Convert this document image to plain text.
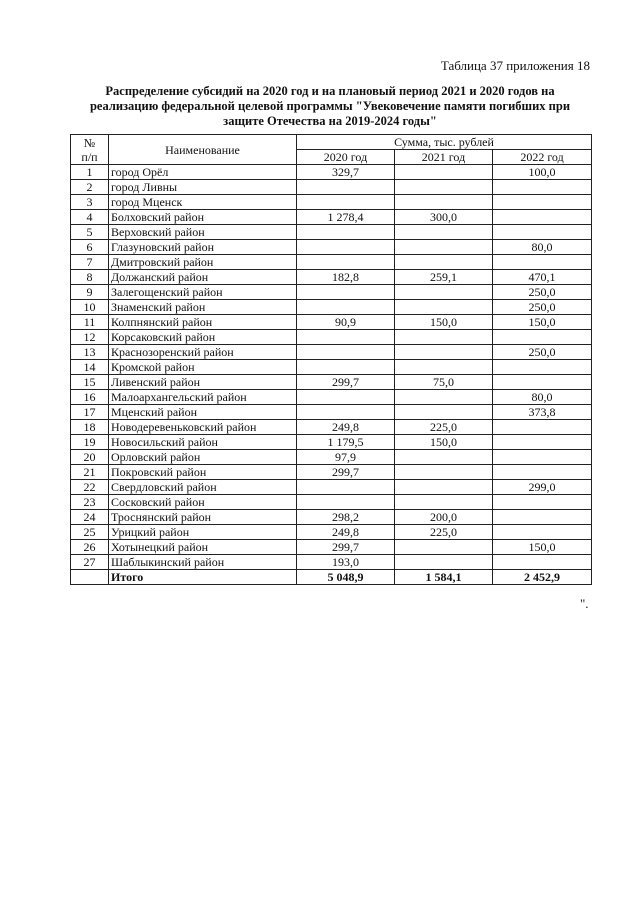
Таблица 37 приложения 18
Распределение субсидий на 2020 год и на плановый период 2021 и 2020 годов на
реализацию федеральной целевой программы "Увековечение памяти погибших при
защите Отечества на 2019-2024 годы"
№
п/п	Наименование	Сумма, тыс. рублей		
		2020 год	2021 год	2022 год
1	город Орёл	329,7		100,0
2	город Ливны			
3	город Мценск			
4	Болховский район	1 278,4	300,0	
5	Верховский район			
6	Глазуновский район			80,0
7	Дмитровский район			
8	Должанский район	182,8	259,1	470,1
9	Залегощенский район			250,0
10	Знаменский район			250,0
11	Колпнянский район	90,9	150,0	150,0
12	Корсаковский район			
13	Краснозоренский район			250,0
14	Кромской район			
15	Ливенский район	299,7	75,0	
16	Малоархангельский район			80,0
17	Мценский район			373,8
18	Новодеревеньковский район	249,8	225,0	
19	Новосильский район	1 179,5	150,0	
20	Орловский район	97,9		
21	Покровский район	299,7		
22	Свердловский район			299,0
23	Сосковский район			
24	Троснянский район	298,2	200,0	
25	Урицкий район	249,8	225,0	
26	Хотынецкий район	299,7		150,0
27	Шаблыкинский район	193,0		
	Итого	5 048,9	1 584,1	2 452,9
".
